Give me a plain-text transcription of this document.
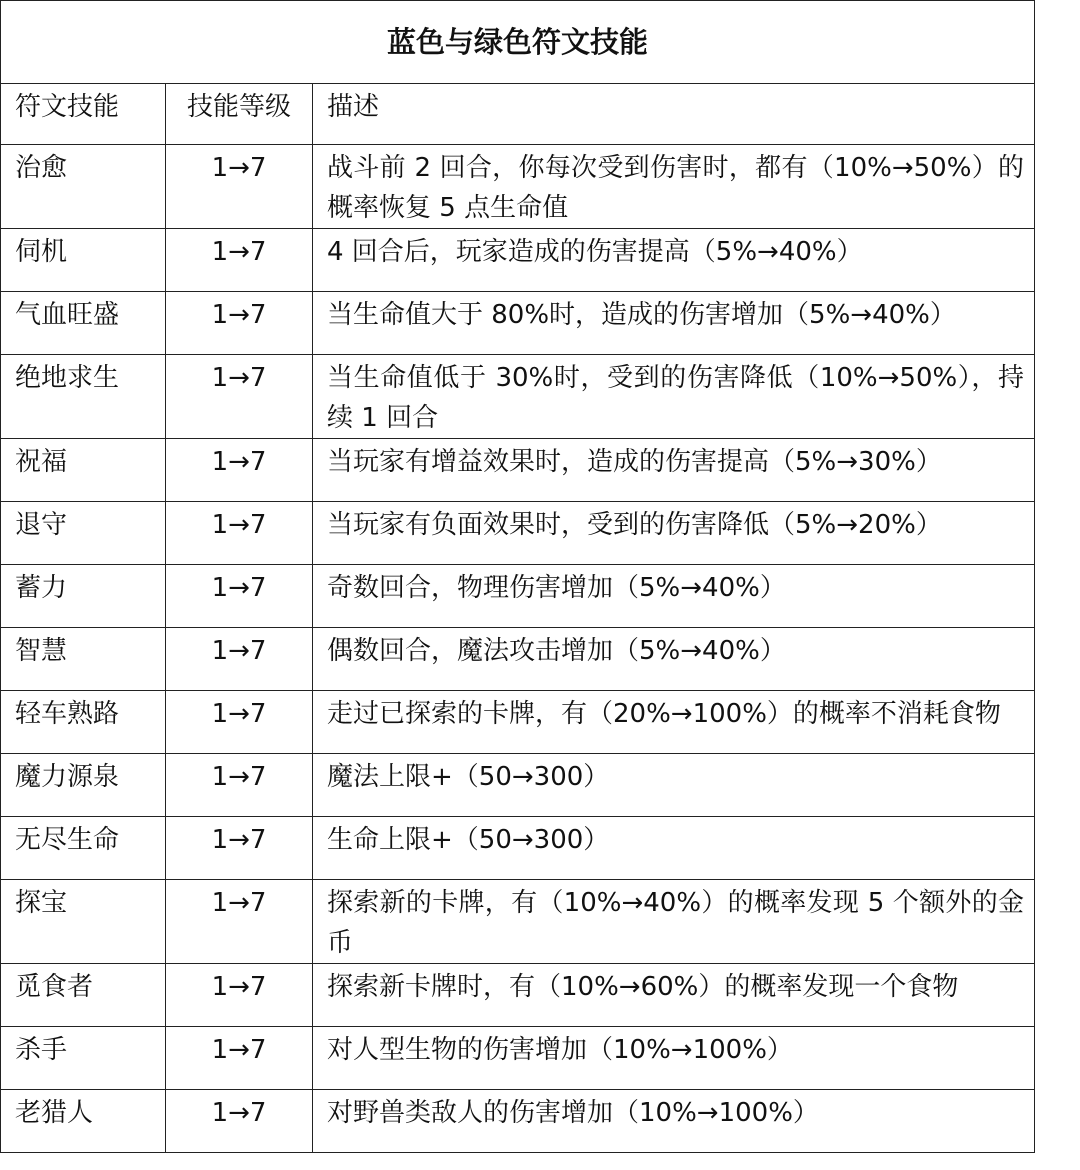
蓝色与绿色符文技能		
符文技能	技能等级	描述
治愈	1→7	战斗前 2 回合，你每次受到伤害时，都有（10%→50%）的概率恢复 5 点生命值
伺机	1→7	4 回合后，玩家造成的伤害提高（5%→40%）
气血旺盛	1→7	当生命值大于 80%时，造成的伤害增加（5%→40%）
绝地求生	1→7	当生命值低于 30%时，受到的伤害降低（10%→50%），持续 1 回合
祝福	1→7	当玩家有增益效果时，造成的伤害提高（5%→30%）
退守	1→7	当玩家有负面效果时，受到的伤害降低（5%→20%）
蓄力	1→7	奇数回合，物理伤害增加（5%→40%）
智慧	1→7	偶数回合，魔法攻击增加（5%→40%）
轻车熟路	1→7	走过已探索的卡牌，有（20%→100%）的概率不消耗食物
魔力源泉	1→7	魔法上限+（50→300）
无尽生命	1→7	生命上限+（50→300）
探宝	1→7	探索新的卡牌，有（10%→40%）的概率发现 5 个额外的金币
觅食者	1→7	探索新卡牌时，有（10%→60%）的概率发现一个食物
杀手	1→7	对人型生物的伤害增加（10%→100%）
老猎人	1→7	对野兽类敌人的伤害增加（10%→100%）
